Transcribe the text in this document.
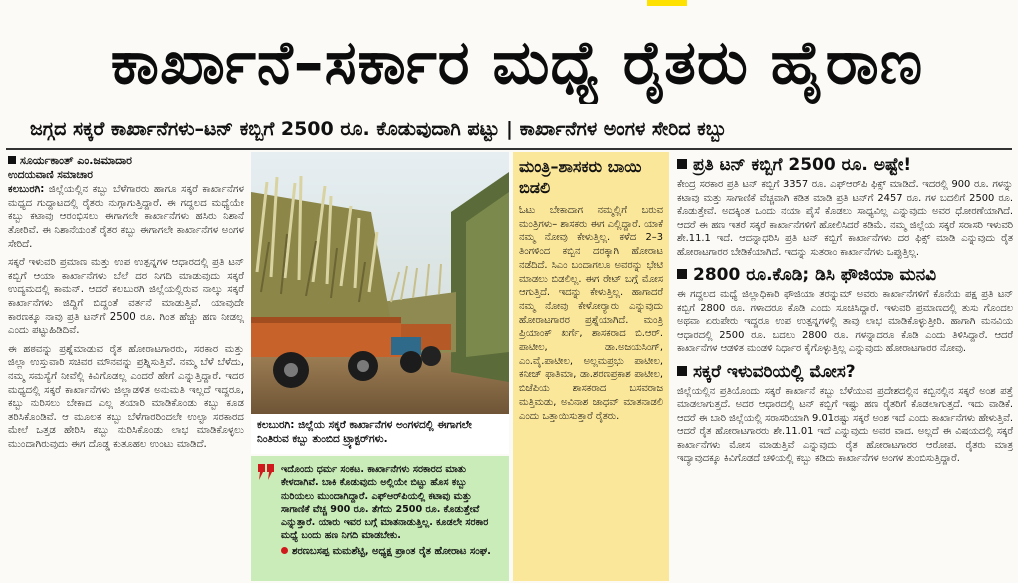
ಕಾರ್ಖಾನೆ–ಸರ್ಕಾರ ಮಧ್ಯೆ ರೈತರು ಹೈರಾಣ
ಜಗ್ಗದ ಸಕ್ಕರೆ ಕಾರ್ಖಾನೆಗಳು–ಟನ್ ಕಬ್ಬಿಗೆ 2500 ರೂ. ಕೊಡುವುದಾಗಿ ಪಟ್ಟು | ಕಾರ್ಖಾನೆಗಳ ಅಂಗಳ ಸೇರಿದ ಕಬ್ಬು
ಸೂರ್ಯಕಾಂತ್ ಎಂ.ಜಮಾದಾರ
ಉದಯವಾಣಿ ಸಮಾಚಾರ

ಕಲಬುರಗಿ: ಜಿಲ್ಲೆಯಲ್ಲಿನ ಕಬ್ಬು ಬೆಳೆಗಾರರು ಹಾಗೂ ಸಕ್ಕರೆ ಕಾರ್ಖಾನೆಗಳ ಮಧ್ಯದ ಗುದ್ದಾಟದಲ್ಲಿ ರೈತರು ನುಗ್ಗಾಗುತ್ತಿದ್ದಾರೆ. ಈ ಗದ್ದಲದ ಮಧ್ಯೆಯೇ ಕಬ್ಬು ಕಟಾವು ಆರಂಭಿಸಲು ಈಗಾಗಲೇ ಕಾರ್ಖಾನೆಗಳು ಹಸಿರು ನಿಶಾನೆ ತೋರಿವೆ. ಈ ನಿಶಾನೆಯಂತೆ ರೈತರ ಕಬ್ಬು ಈಗಾಗಲೇ ಕಾರ್ಖಾನೆಗಳ ಅಂಗಳ ಸೇರಿದೆ.

ಸಕ್ಕರೆ ಇಳುವರಿ ಪ್ರಮಾಣ ಮತ್ತು ಉಪ ಉತ್ಪನ್ನಗಳ ಆಧಾರದಲ್ಲಿ ಪ್ರತಿ ಟನ್ ಕಬ್ಬಿಗೆ ಆಯಾ ಕಾರ್ಖಾನೆಗಳು ಬೆಲೆ ದರ ನಿಗದಿ ಮಾಡುವುದು ಸಕ್ಕರೆ ಉದ್ಯಮದಲ್ಲಿ ಕಾಮನ್. ಆದರೆ ಕಲಬುರಗಿ ಜಿಲ್ಲೆಯಲ್ಲಿರುವ ನಾಲ್ಕು ಸಕ್ಕರೆ ಕಾರ್ಖಾನೆಗಳು ಜಿದ್ದಿಗೆ ಬಿದ್ದಂತೆ ವರ್ತನೆ ಮಾಡುತ್ತಿವೆ. ಯಾವುದೇ ಕಾರಣಕ್ಕೂ ನಾವು ಪ್ರತಿ ಟನ್‌ಗೆ 2500 ರೂ. ಗಿಂತ ಹೆಚ್ಚು ಹಣ ನೀಡಲ್ಲ ಎಂದು ಪಟ್ಟುಹಿಡಿದಿವೆ.

ಈ ಹಠವನ್ನು ಪ್ರಶ್ನೆಮಾಡುವ ರೈತ ಹೋರಾಟಗಾರರು, ಸರಕಾರ ಮತ್ತು ಜಿಲ್ಲಾ ಉಸ್ತುವಾರಿ ಸಚಿವರ ಮೌನವನ್ನು ಪ್ರಶ್ನಿಸುತ್ತಿವೆ. ನಮ್ಮ ಬೆಳೆ ಬೆಳೆದು, ನಮ್ಮ ಸಮಸ್ಯೆಗೆ ನೀವೆಲ್ಲಿ ಕಿವಿಗೊಡಲ್ಲ ಎಂದರೆ ಹೇಗೆ ಎನ್ನುತ್ತಿದ್ದಾರೆ. ಇದರ ಮಧ್ಯದಲ್ಲಿ ಸಕ್ಕರೆ ಕಾರ್ಖಾನೆಗಳು ಜಿಲ್ಲಾಡಳಿತ ಅನುಮತಿ ಇಲ್ಲದೆ ಇದ್ದರೂ, ಕಬ್ಬು ನುರಿಸಲು ಬೇಕಾದ ಎಲ್ಲ ತಯಾರಿ ಮಾಡಿಕೊಂಡು ಕಬ್ಬು ಕೂಡ ತರಿಸಿಕೊಂಡಿವೆ. ಆ ಮೂಲಕ ಕಬ್ಬು ಬೆಳೆಗಾರರಿಂದಲೇ ಉಲ್ಟಾ ಸರಕಾರದ ಮೇಲೆ ಒತ್ತಡ ಹೇರಿಸಿ ಕಬ್ಬು ನುರಿಸಿಕೊಂಡು ಲಾಭ ಮಾಡಿಕೊಳ್ಳಲು ಮುಂದಾಗಿರುವುದು ಈಗ ದೊಡ್ಡ ಕುತೂಹಲ ಉಂಟು ಮಾಡಿದೆ.

ಕಲಬುರಗಿ: ಜಿಲ್ಲೆಯ ಸಕ್ಕರೆ ಕಾರ್ಖಾನೆಗಳ ಅಂಗಳದಲ್ಲಿ ಈಗಾಗಲೇ ನಿಂತಿರುವ ಕಬ್ಬು ತುಂಬಿದ ಟ್ರ್ಯಾಕ್ಟರ್‌ಗಳು.
ಇದೊಂದು ಧರ್ಮ ಸಂಕಟ. ಕಾರ್ಖಾನೆಗಳು ಸರಕಾರದ ಮಾತು ಕೇಳದಾಗಿವೆ. ಬಾಕಿ ಕೊಡುವುದು ಅಲ್ಲಿಯೇ ಬಿಟ್ಟು ಹೊಸ ಕಬ್ಬು ನುರಿಯಲು ಮುಂದಾಗಿದ್ದಾರೆ. ಎಫ್‌ಆರ್‌ಪಿಯಲ್ಲಿ ಕಟಾವು ಮತ್ತು ಸಾಗಾಣಿಕೆ ವೆಚ್ಚ 900 ರೂ. ತೆಗೆದು 2500 ರೂ. ಕೊಡುತ್ತೇವೆ ಎನ್ನುತ್ತಾರೆ. ಯಾರು ಇವರ ಬಗ್ಗೆ ಮಾತನಾಡುತ್ತಿಲ್ಲ. ಕೂಡಲೇ ಸರಕಾರ ಮಧ್ಯೆ ಬಂದು ಹಣ ನಿಗದಿ ಮಾಡಬೇಕು.
ಶರಣಬಸಪ್ಪ ಮಮಶೆಟ್ಟಿ, ಅಧ್ಯಕ್ಷ ಪ್ರಾಂತ ರೈತ ಹೋರಾಟ ಸಂಘ.
ಮಂತ್ರಿ–ಶಾಸಕರು ಬಾಯಿ ಬಿಡಲಿ
ಓಟು ಬೇಕಾದಾಗ ನಮ್ಮಲ್ಲಿಗೆ ಬರುವ ಮಂತ್ರಿಗಳು– ಶಾಸಕರು ಈಗ ಎಲ್ಲಿದ್ದಾರೆ. ಯಾಕೆ ನಮ್ಮ ನೋವು ಕೇಳುತ್ತಿಲ್ಲ. ಕಳೆದ 2–3 ತಿಂಗಳಿಂದ ಕಬ್ಬಿನ ದರಕ್ಕಾಗಿ ಹೋರಾಟ ನಡೆದಿದೆ. ಸಿಎಂ ಬಂದಾಗಲೂ ಅವರನ್ನು ಭೇಟಿ ಮಾಡಲು ಬಿಡಲಿಲ್ಲ. ಈಗ ರೇಟ್ ಬಗ್ಗೆ ಮೋಸ ಆಗುತ್ತಿದೆ. ಇದನ್ನು ಕೇಳುತ್ತಿಲ್ಲ. ಹಾಗಾದರೆ ನಮ್ಮ ನೋವು ಕೇಳೋರ್‍ಯಾರು ಎನ್ನುವುದು ಹೋರಾಟಗಾರರ ಪ್ರಶ್ನೆಯಾಗಿದೆ. ಮಂತ್ರಿ ಪ್ರಿಯಾಂಕ್ ಖರ್ಗೆ, ಶಾಸಕರಾದ ಬಿ.ಆರ್. ಪಾಟೀಲ, ಡಾ.ಅಜಯಸಿಂಗ್, ಎಂ.ವೈ.ಪಾಟೀಲ, ಅಲ್ಲಮಪ್ರಭು ಪಾಟೀಲ, ಕನೀಜ್ ಫಾತಿಮಾ, ಡಾ.ಶರಣಪ್ರಕಾಶ ಪಾಟೀಲ, ಬಿಜೆಪಿಯ ಶಾಸಕರಾದ ಬಸವರಾಜ ಮತ್ತಿಮಡು, ಅವಿನಾಶ ಜಾಧವ್ ಮಾತನಾಡಲಿ ಎಂದು ಒತ್ತಾಯಿಸುತ್ತಾರೆ ರೈತರು.
ಪ್ರತಿ ಟನ್ ಕಬ್ಬಿಗೆ 2500 ರೂ. ಅಷ್ಟೇ!
ಕೇಂದ್ರ ಸರಕಾರ ಪ್ರತಿ ಟನ್ ಕಬ್ಬಿಗೆ 3357 ರೂ. ಎಫ್‌ಆರ್‌ಪಿ ಫಿಕ್ಸ್ ಮಾಡಿದೆ. ಇದರಲ್ಲಿ 900 ರೂ. ಗಳನ್ನು ಕಟಾವು ಮತ್ತು ಸಾಗಾಣಿಕೆ ವೆಚ್ಚವಾಗಿ ಕಡಿತ ಮಾಡಿ ಪ್ರತಿ ಟನ್‌ಗೆ 2457 ರೂ. ಗಳ ಬದಲಿಗೆ 2500 ರೂ. ಕೊಡುತ್ತೇವೆ. ಅದಕ್ಕಿಂತ ಒಂದು ನಯಾ ಪೈಸೆ ಕೊಡಲು ಸಾಧ್ಯವಿಲ್ಲ ಎನ್ನುವುದು ಅವರ ಧೋರಣೆಯಾಗಿದೆ. ಆದರೆ ಈ ಹಣ ಇತರೆ ಸಕ್ಕರೆ ಕಾರ್ಖಾನೆಗಳಿಗೆ ಹೋಲಿಸಿದರೆ ಕಡಿಮೆ. ನಮ್ಮ ಜಿಲ್ಲೆಯ ಸಕ್ಕರೆ ಸರಾಸರಿ ಇಳುವರಿ ಶೇ.11.1 ಇದೆ. ಆದನ್ನಾಧರಿಸಿ ಪ್ರತಿ ಟನ್ ಕಬ್ಬಿಗೆ ಕಾರ್ಖಾನೆಗಳು ದರ ಫಿಕ್ಸ್ ಮಾಡಿ ಎನ್ನುವುದು ರೈತ ಹೋರಾಟಗಾರರ ಬೇಡಿಕೆಯಾಗಿದೆ. ಇದನ್ನು ಸುತರಾಂ ಕಾರ್ಖಾನೆಗಳು ಒಪ್ಪುತ್ತಿಲ್ಲ.
2800 ರೂ.ಕೊಡಿ; ಡಿಸಿ ಫೌಜಿಯಾ ಮನವಿ
ಈ ಗದ್ದಲದ ಮಧ್ಯೆ ಜಿಲ್ಲಾಧಿಕಾರಿ ಫೌಜಿಯಾ ತರನ್ನುಮ್ ಅವರು ಕಾರ್ಖಾನೆಗಳಿಗೆ ಕೊನೆಯ ಪಕ್ಷ ಪ್ರತಿ ಟನ್ ಕಬ್ಬಿಗೆ 2800 ರೂ. ಗಳಾದರೂ ಕೊಡಿ ಎಂದು ಸೂಚಿಸಿದ್ದಾರೆ. ಇಳುವರಿ ಪ್ರಮಾಣದಲ್ಲಿ ತುಸು ಗೊಂದಲ ಅಥವಾ ಏರುಪೇರು ಇದ್ದರೂ ಉಪ ಉತ್ಪನ್ನಗಳಲ್ಲಿ ತಾವು ಲಾಭ ಮಾಡಿಕೊಳ್ಳುತ್ತೀರಿ. ಹಾಗಾಗಿ ಮನವಿಯ ಆಧಾರದಲ್ಲಿ 2500 ರೂ. ಬದಲು 2800 ರೂ. ಗಳನ್ನಾದರೂ ಕೊಡಿ ಎಂದು ತಿಳಿಸಿದ್ದಾರೆ. ಆದರೆ ಕಾರ್ಖಾನೆಗಳ ಆಡಳಿತ ಮಂಡಳಿ ನಿರ್ಧಾರ ಕೈಗೊಳ್ಳುತ್ತಿಲ್ಲ ಎನ್ನುವುದು ಹೋರಾಟಗಾರರ ನೋವು.
ಸಕ್ಕರೆ ಇಳುವರಿಯಲ್ಲಿ ಮೋಸ?
ಜಿಲ್ಲೆಯಲ್ಲಿನ ಪ್ರತಿಯೊಂದು ಸಕ್ಕರೆ ಕಾರ್ಖಾನೆ ಕಬ್ಬು ಬೆಳೆಯುವ ಪ್ರದೇಶದಲ್ಲಿನ ಕಬ್ಬಿನಲ್ಲಿನ ಸಕ್ಕರೆ ಅಂಶ ಪತ್ತೆ ಮಾಡಲಾಗುತ್ತದೆ. ಅದರ ಆಧಾರದಲ್ಲಿ ಟನ್ ಕಬ್ಬಿಗೆ ಇಷ್ಟು ಹಣ ರೈತರಿಗೆ ಕೊಡಲಾಗುತ್ತದೆ. ಇದು ವಾಡಿಕೆ. ಆದರೆ ಈ ಬಾರಿ ಜಿಲ್ಲೆಯಲ್ಲಿ ಸರಾಸರಿಯಾಗಿ 9.01ರಷ್ಟು ಸಕ್ಕರೆ ಅಂಶ ಇದೆ ಎಂದು ಕಾರ್ಖಾನೆಗಳು ಹೇಳುತ್ತಿವೆ. ಆದರೆ ರೈತ ಹೋರಾಟಗಾರರು ಶೇ.11.01 ಇದೆ ಎನ್ನುವುದು ಅವರ ವಾದ. ಅಲ್ಲದೆ ಈ ವಿಷಯದಲ್ಲಿ ಸಕ್ಕರೆ ಕಾರ್ಖಾನೆಗಳು ಮೋಸ ಮಾಡುತ್ತಿವೆ ಎನ್ನುವುದು ರೈತ ಹೋರಾಟಗಾರರ ಆರೋಪ. ರೈತರು ಮಾತ್ರ ಇದ್ಯಾವುದಕ್ಕೂ ಕಿವಿಗೊಡದೆ ಚಳಿಯಲ್ಲಿ ಕಬ್ಬು ಕಡಿದು ಕಾರ್ಖಾನೆಗಳ ಅಂಗಳ ತುಂಬಿಸುತ್ತಿದ್ದಾರೆ.
